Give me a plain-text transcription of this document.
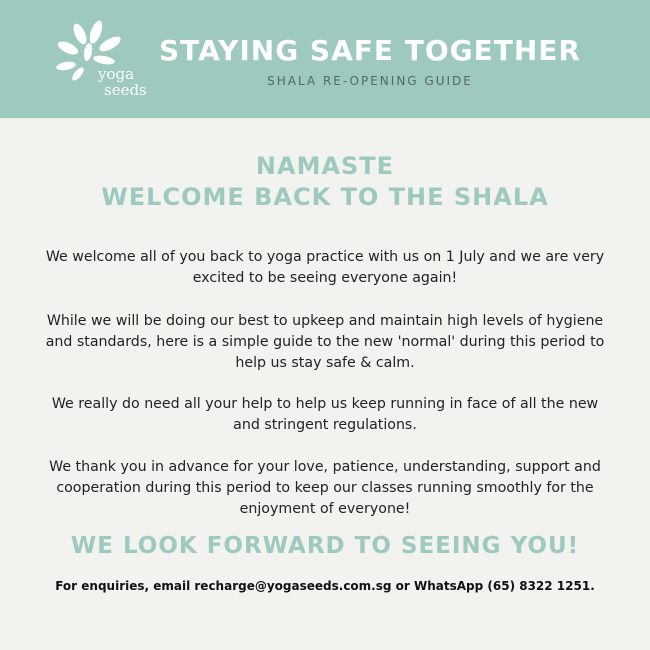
yoga
seeds
STAYING SAFE TOGETHER
SHALA RE-OPENING GUIDE
NAMASTE
WELCOME BACK TO THE SHALA

We welcome all of you back to yoga practice with us on 1 July and we are very excited to be seeing everyone again!

While we will be doing our best to upkeep and maintain high levels of hygiene and standards, here is a simple guide to the new 'normal' during this period to help us stay safe & calm.

We really do need all your help to help us keep running in face of all the new and stringent regulations.

We thank you in advance for your love, patience, understanding, support and cooperation during this period to keep our classes running smoothly for the enjoyment of everyone!

WE LOOK FORWARD TO SEEING YOU!
For enquiries, email recharge@yogaseeds.com.sg or WhatsApp (65) 8322 1251.
